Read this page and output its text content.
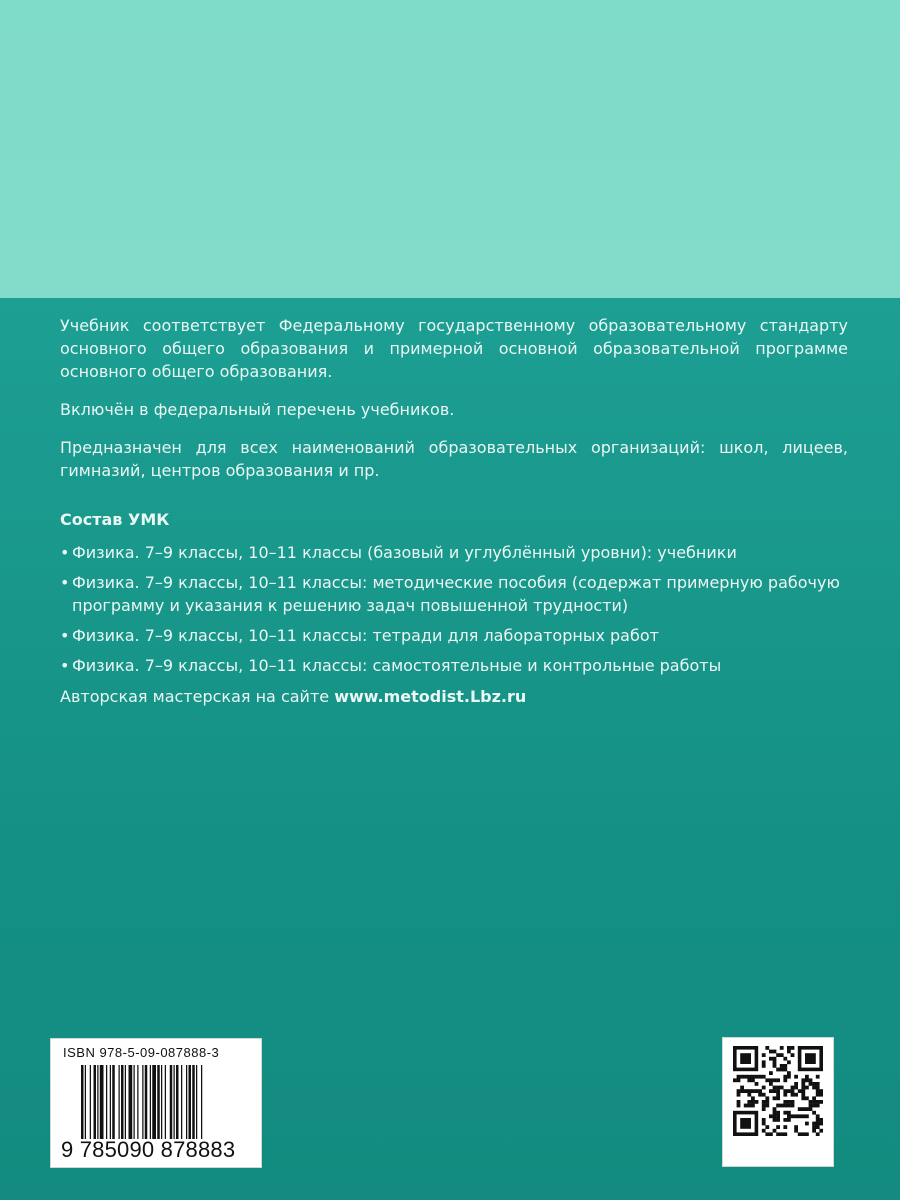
Учебник соответствует Федеральному государственному образовательному стандарту основного общего образования и примерной основной образовательной программе основного общего образования.

Включён в федеральный перечень учебников.

Предназначен для всех наименований образовательных организаций: школ, лицеев, гимназий, центров образования и пр.

Состав УМК
• Физика. 7–9 классы, 10–11 классы (базовый и углублённый уровни): учебники
• Физика. 7–9 классы, 10–11 классы: методические пособия (содержат примерную рабочую программу и указания к решению задач повышенной трудности)
• Физика. 7–9 классы, 10–11 классы: тетради для лабораторных работ
• Физика. 7–9 классы, 10–11 классы: самостоятельные и контрольные работы
Авторская мастерская на сайте www.metodist.Lbz.ru
ISBN 978-5-09-087888-3
9 785090 878883
